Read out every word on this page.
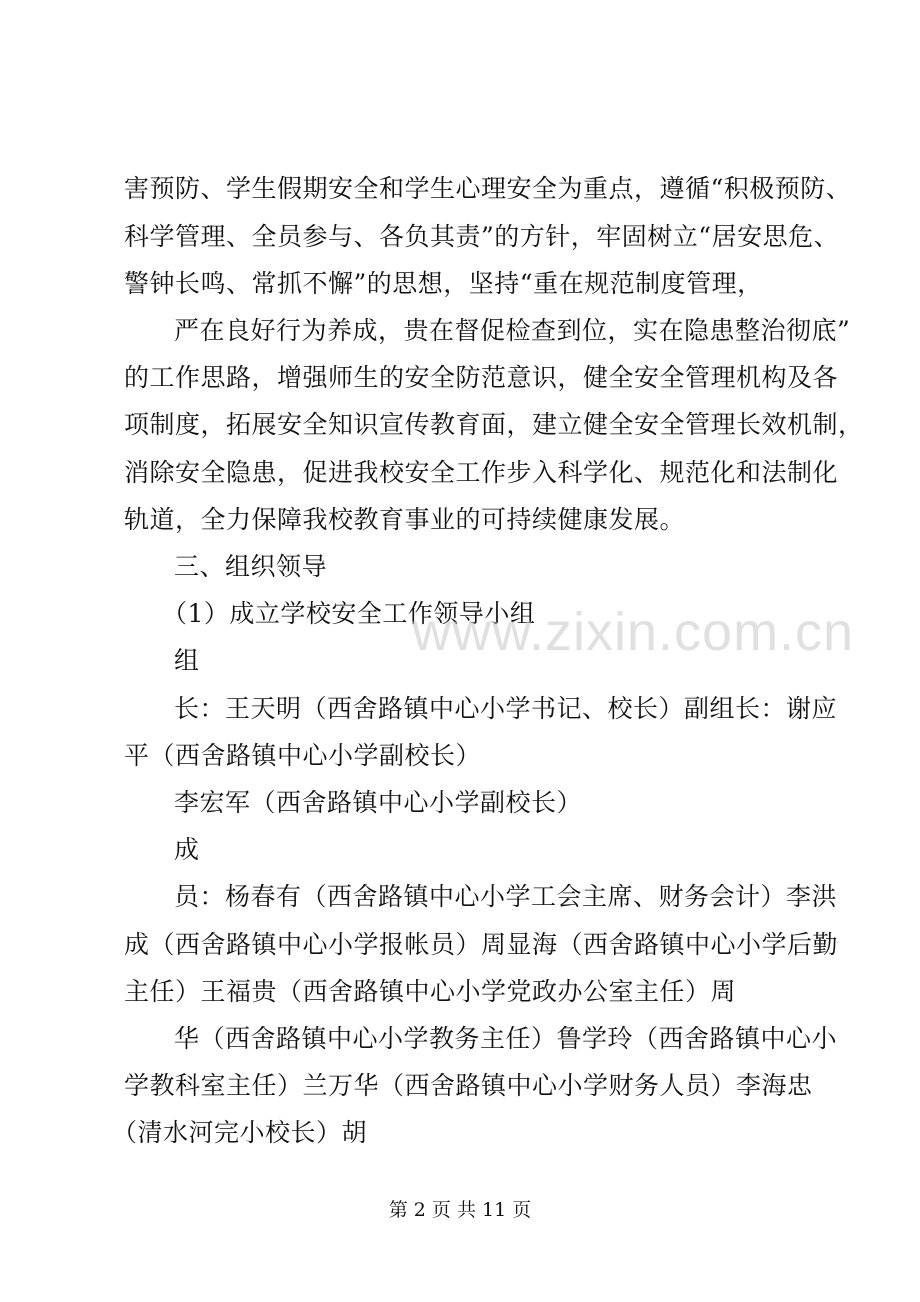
害预防、学生假期安全和学生心理安全为重点，遵循“积极预防、
科学管理、全员参与、各负其责”的方针，牢固树立“居安思危、
警钟长鸣、常抓不懈”的思想，坚持“重在规范制度管理，
严在良好行为养成，贵在督促检查到位，实在隐患整治彻底”
的工作思路，增强师生的安全防范意识，健全安全管理机构及各
项制度，拓展安全知识宣传教育面，建立健全安全管理长效机制，
消除安全隐患，促进我校安全工作步入科学化、规范化和法制化
轨道，全力保障我校教育事业的可持续健康发展。
三、组织领导
（1）成立学校安全工作领导小组
组
长：王天明（西舍路镇中心小学书记、校长）副组长：谢应
平（西舍路镇中心小学副校长）
李宏军（西舍路镇中心小学副校长）
成
员：杨春有（西舍路镇中心小学工会主席、财务会计）李洪
成（西舍路镇中心小学报帐员）周显海（西舍路镇中心小学后勤
主任）王福贵（西舍路镇中心小学党政办公室主任）周
华（西舍路镇中心小学教务主任）鲁学玲（西舍路镇中心小
学教科室主任）兰万华（西舍路镇中心小学财务人员）李海忠
（清水河完小校长）胡
www.zixin.com.cn
第 2 页 共 11 页
